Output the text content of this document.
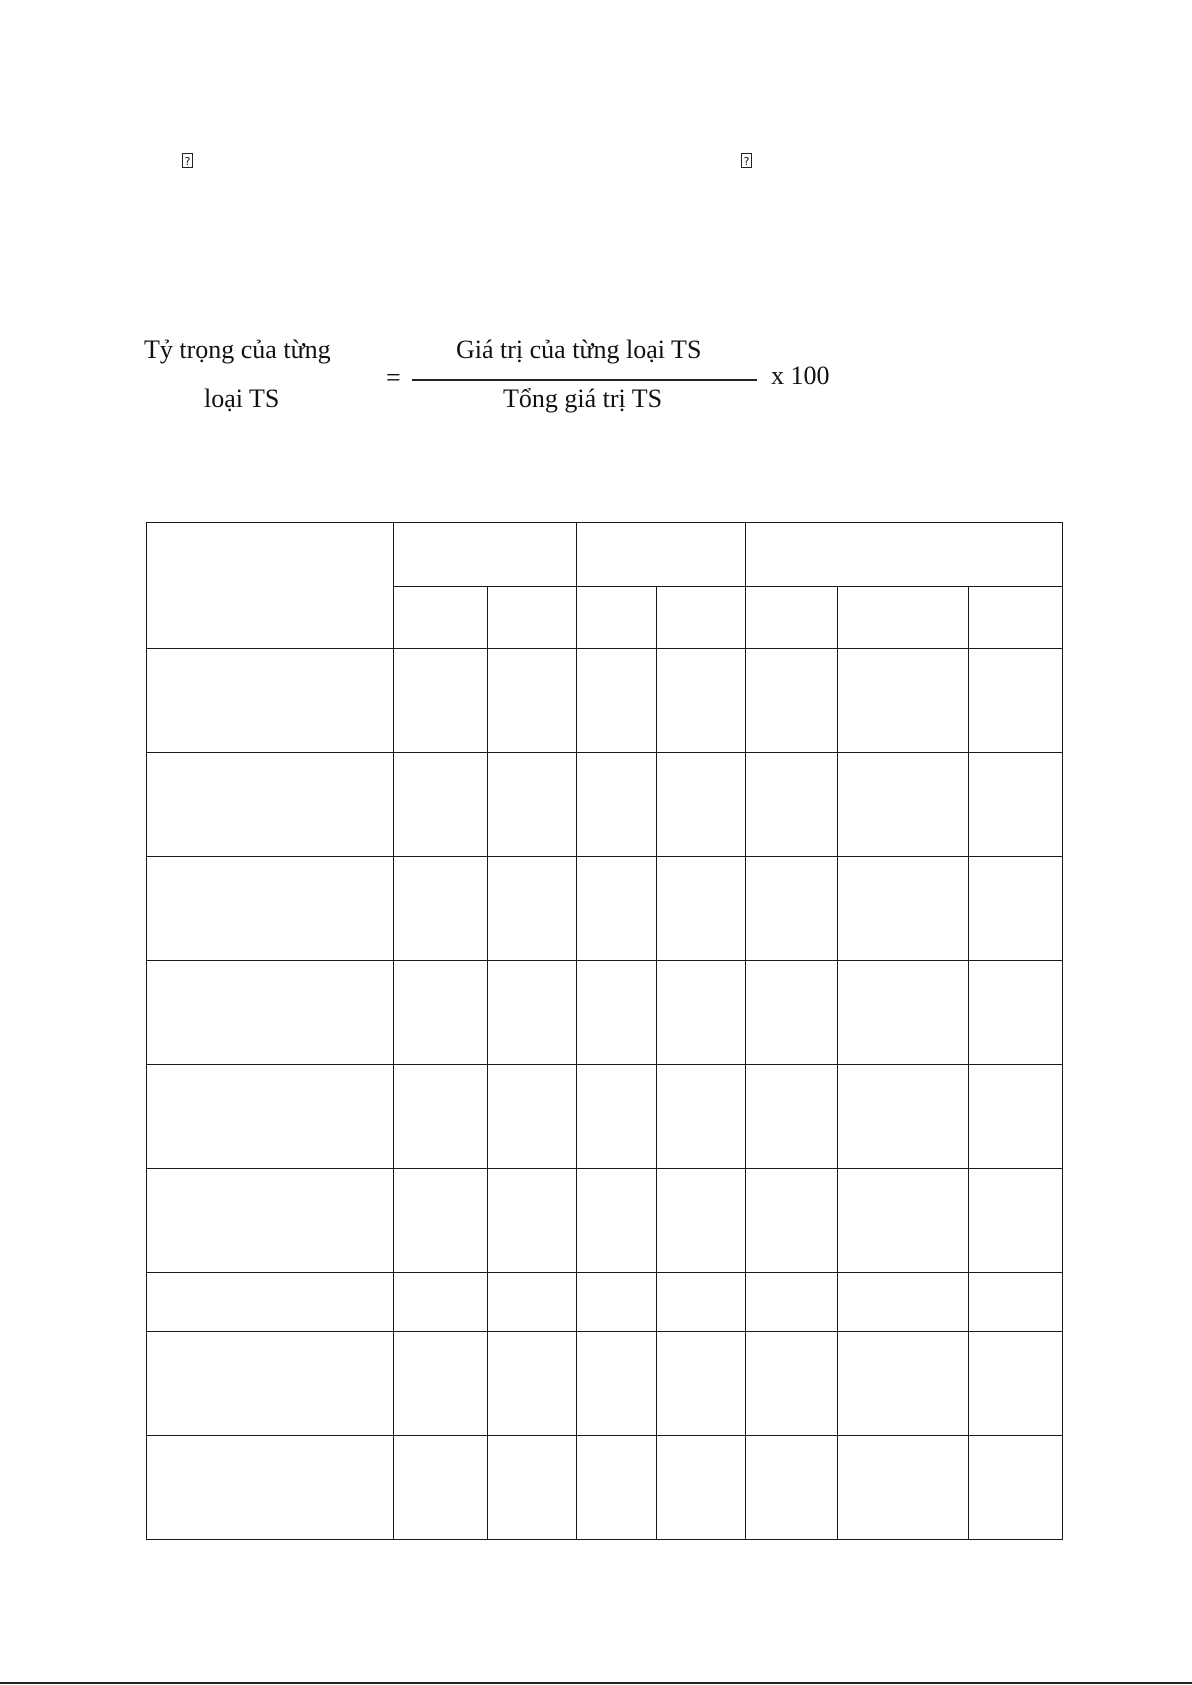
?	?
Tỷ trọng của từng
loại TS
=
Giá trị của từng loại TS
Tổng giá trị TS
x 100
